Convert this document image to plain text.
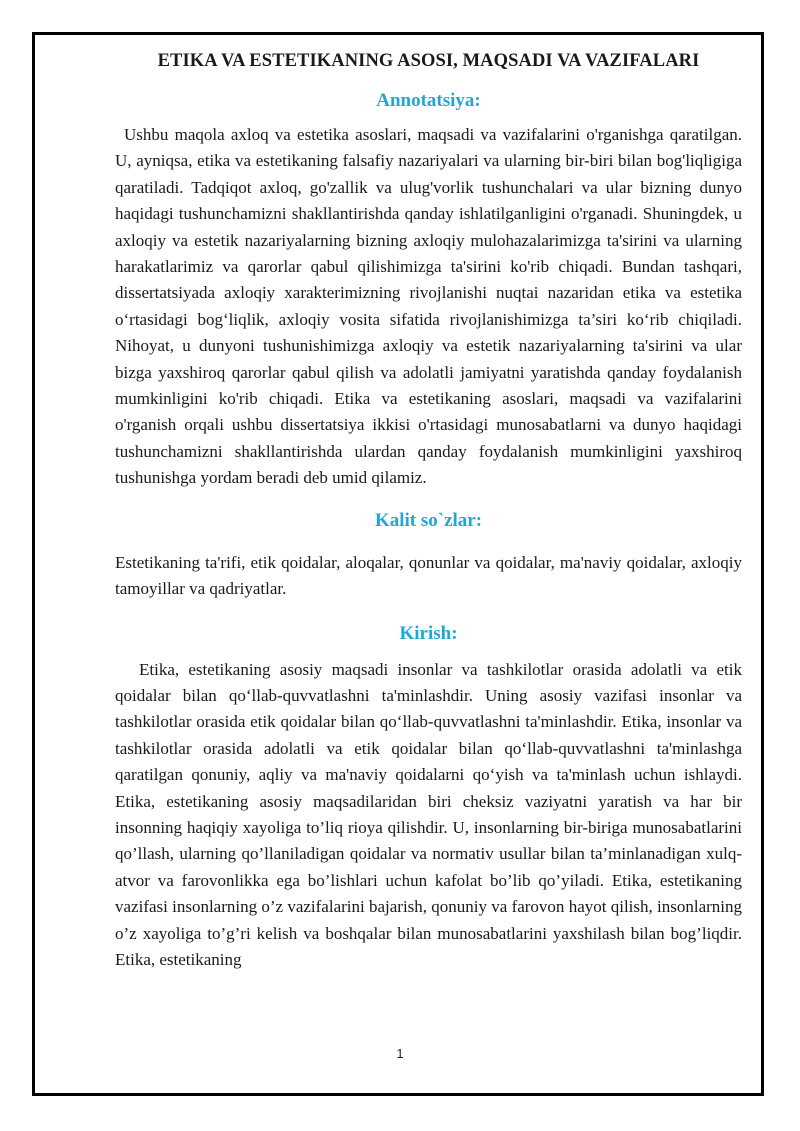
ETIKA VA ESTETIKANING ASOSI, MAQSADI VA VAZIFALARI
Annotatsiya:

Ushbu maqola axloq va estetika asoslari, maqsadi va vazifalarini o'rganishga qaratilgan. U, ayniqsa, etika va estetikaning falsafiy nazariyalari va ularning bir-biri bilan bog'liqligiga qaratiladi. Tadqiqot axloq, go'zallik va ulug'vorlik tushunchalari va ular bizning dunyo haqidagi tushunchamizni shakllantirishda qanday ishlatilganligini o'rganadi. Shuningdek, u axloqiy va estetik nazariyalarning bizning axloqiy mulohazalarimizga ta'sirini va ularning harakatlarimiz va qarorlar qabul qilishimizga ta'sirini ko'rib chiqadi. Bundan tashqari, dissertatsiyada axloqiy xarakterimizning rivojlanishi nuqtai nazaridan etika va estetika o‘rtasidagi bog‘liqlik, axloqiy vosita sifatida rivojlanishimizga ta’siri ko‘rib chiqiladi. Nihoyat, u dunyoni tushunishimizga axloqiy va estetik nazariyalarning ta'sirini va ular bizga yaxshiroq qarorlar qabul qilish va adolatli jamiyatni yaratishda qanday foydalanish mumkinligini ko'rib chiqadi. Etika va estetikaning asoslari, maqsadi va vazifalarini o'rganish orqali ushbu dissertatsiya ikkisi o'rtasidagi munosabatlarni va dunyo haqidagi tushunchamizni shakllantirishda ulardan qanday foydalanish mumkinligini yaxshiroq tushunishga yordam beradi deb umid qilamiz.

Kalit so`zlar:

Estetikaning ta'rifi, etik qoidalar, aloqalar, qonunlar va qoidalar, ma'naviy qoidalar, axloqiy tamoyillar va qadriyatlar.

Kirish:

Etika, estetikaning asosiy maqsadi insonlar va tashkilotlar orasida adolatli va etik qoidalar bilan qo‘llab-quvvatlashni ta'minlashdir. Uning asosiy vazifasi insonlar va tashkilotlar orasida etik qoidalar bilan qo‘llab-quvvatlashni ta'minlashdir. Etika, insonlar va tashkilotlar orasida adolatli va etik qoidalar bilan qo‘llab-quvvatlashni ta'minlashga qaratilgan qonuniy, aqliy va ma'naviy qoidalarni qo‘yish va ta'minlash uchun ishlaydi. Etika, estetikaning asosiy maqsadilaridan biri cheksiz vaziyatni yaratish va har bir insonning haqiqiy xayoliga to’liq rioya qilishdir. U, insonlarning bir-biriga munosabatlarini qo’llash, ularning qo’llaniladigan qoidalar va normativ usullar bilan ta’minlanadigan xulq-atvor va farovonlikka ega bo’lishlari uchun kafolat bo’lib qo’yiladi. Etika, estetikaning vazifasi insonlarning o’z vazifalarini bajarish, qonuniy va farovon hayot qilish, insonlarning o’z xayoliga to’g’ri kelish va boshqalar bilan munosabatlarini yaxshilash bilan bog’liqdir. Etika, estetikaning

1
